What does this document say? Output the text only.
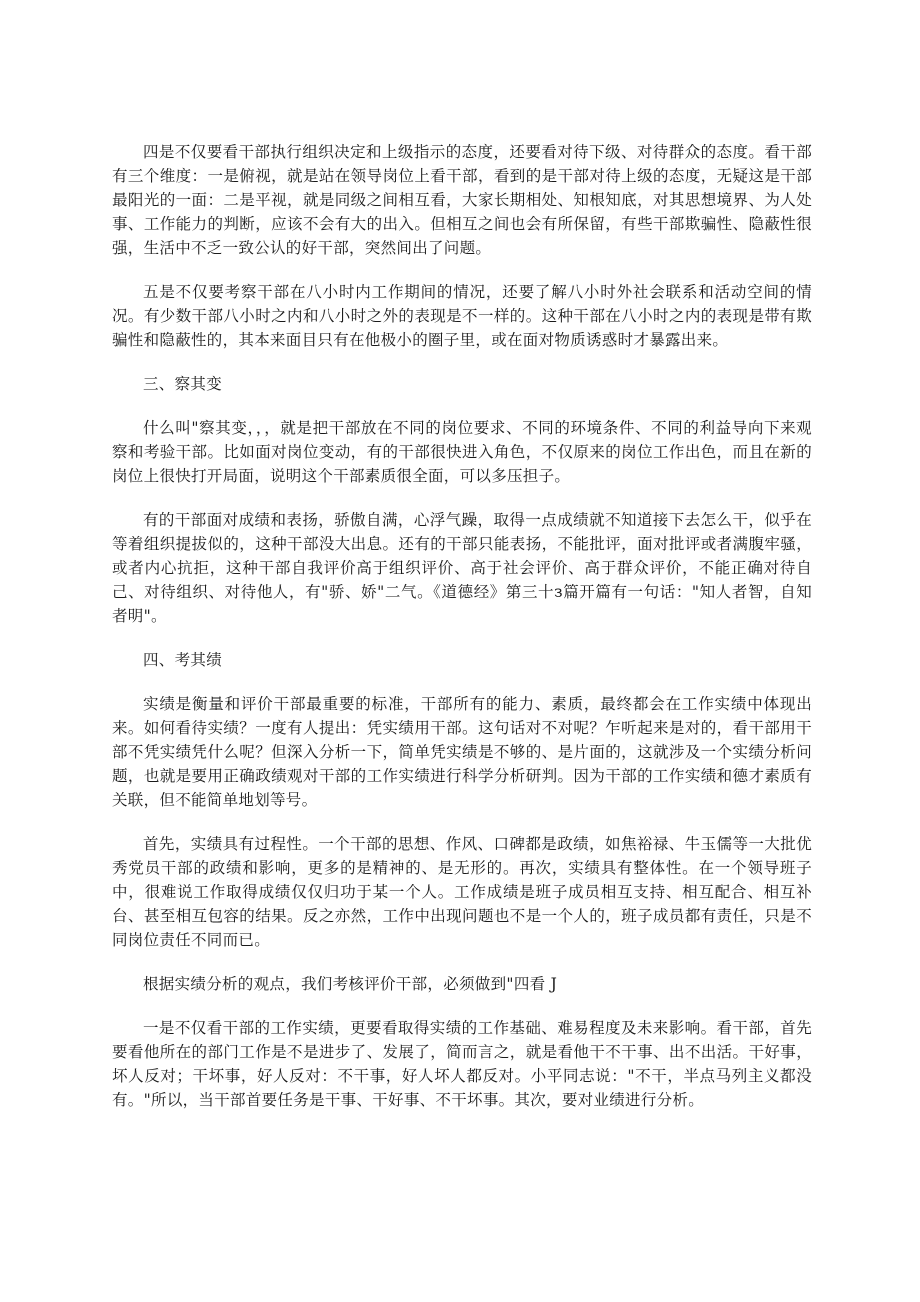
四是不仅要看干部执行组织决定和上级指示的态度，还要看对待下级、对待群众的态度。看干部有三个维度：一是俯视，就是站在领导岗位上看干部，看到的是干部对待上级的态度，无疑这是干部最阳光的一面：二是平视，就是同级之间相互看，大家长期相处、知根知底，对其思想境界、为人处事、工作能力的判断，应该不会有大的出入。但相互之间也会有所保留，有些干部欺骗性、隐蔽性很强，生活中不乏一致公认的好干部，突然间出了问题。

五是不仅要考察干部在八小时内工作期间的情况，还要了解八小时外社会联系和活动空间的情况。有少数干部八小时之内和八小时之外的表现是不一样的。这种干部在八小时之内的表现是带有欺骗性和隐蔽性的，其本来面目只有在他极小的圈子里，或在面对物质诱惑时才暴露出来。

三、察其变

什么叫"察其变，，，就是把干部放在不同的岗位要求、不同的环境条件、不同的利益导向下来观察和考验干部。比如面对岗位变动，有的干部很快进入角色，不仅原来的岗位工作出色，而且在新的岗位上很快打开局面，说明这个干部素质很全面，可以多压担子。

有的干部面对成绩和表扬，骄傲自满，心浮气躁，取得一点成绩就不知道接下去怎么干，似乎在等着组织提拔似的，这种干部没大出息。还有的干部只能表扬，不能批评，面对批评或者满腹牢骚，或者内心抗拒，这种干部自我评价高于组织评价、高于社会评价、高于群众评价，不能正确对待自己、对待组织、对待他人，有"骄、娇"二气。《道德经》第三十з篇开篇有一句话："知人者智，自知者明"。

四、考其绩

实绩是衡量和评价干部最重要的标准，干部所有的能力、素质，最终都会在工作实绩中体现出来。如何看待实绩？一度有人提出：凭实绩用干部。这句话对不对呢？乍听起来是对的，看干部用干部不凭实绩凭什么呢？但深入分析一下，简单凭实绩是不够的、是片面的，这就涉及一个实绩分析问题，也就是要用正确政绩观对干部的工作实绩进行科学分析研判。因为干部的工作实绩和德才素质有关联，但不能简单地划等号。

首先，实绩具有过程性。一个干部的思想、作风、口碑都是政绩，如焦裕禄、牛玉儒等一大批优秀党员干部的政绩和影响，更多的是精神的、是无形的。再次，实绩具有整体性。在一个领导班子中，很难说工作取得成绩仅仅归功于某一个人。工作成绩是班子成员相互支持、相互配合、相互补台、甚至相互包容的结果。反之亦然，工作中出现问题也不是一个人的，班子成员都有责任，只是不同岗位责任不同而已。

根据实绩分析的观点，我们考核评价干部，必须做到"四看 J

一是不仅看干部的工作实绩，更要看取得实绩的工作基础、难易程度及未来影响。看干部，首先要看他所在的部门工作是不是进步了、发展了，简而言之，就是看他干不干事、出不出活。干好事，坏人反对；干坏事，好人反对：不干事，好人坏人都反对。小平同志说："不干，半点马列主义都没有。"所以，当干部首要任务是干事、干好事、不干坏事。其次，要对业绩进行分析。
